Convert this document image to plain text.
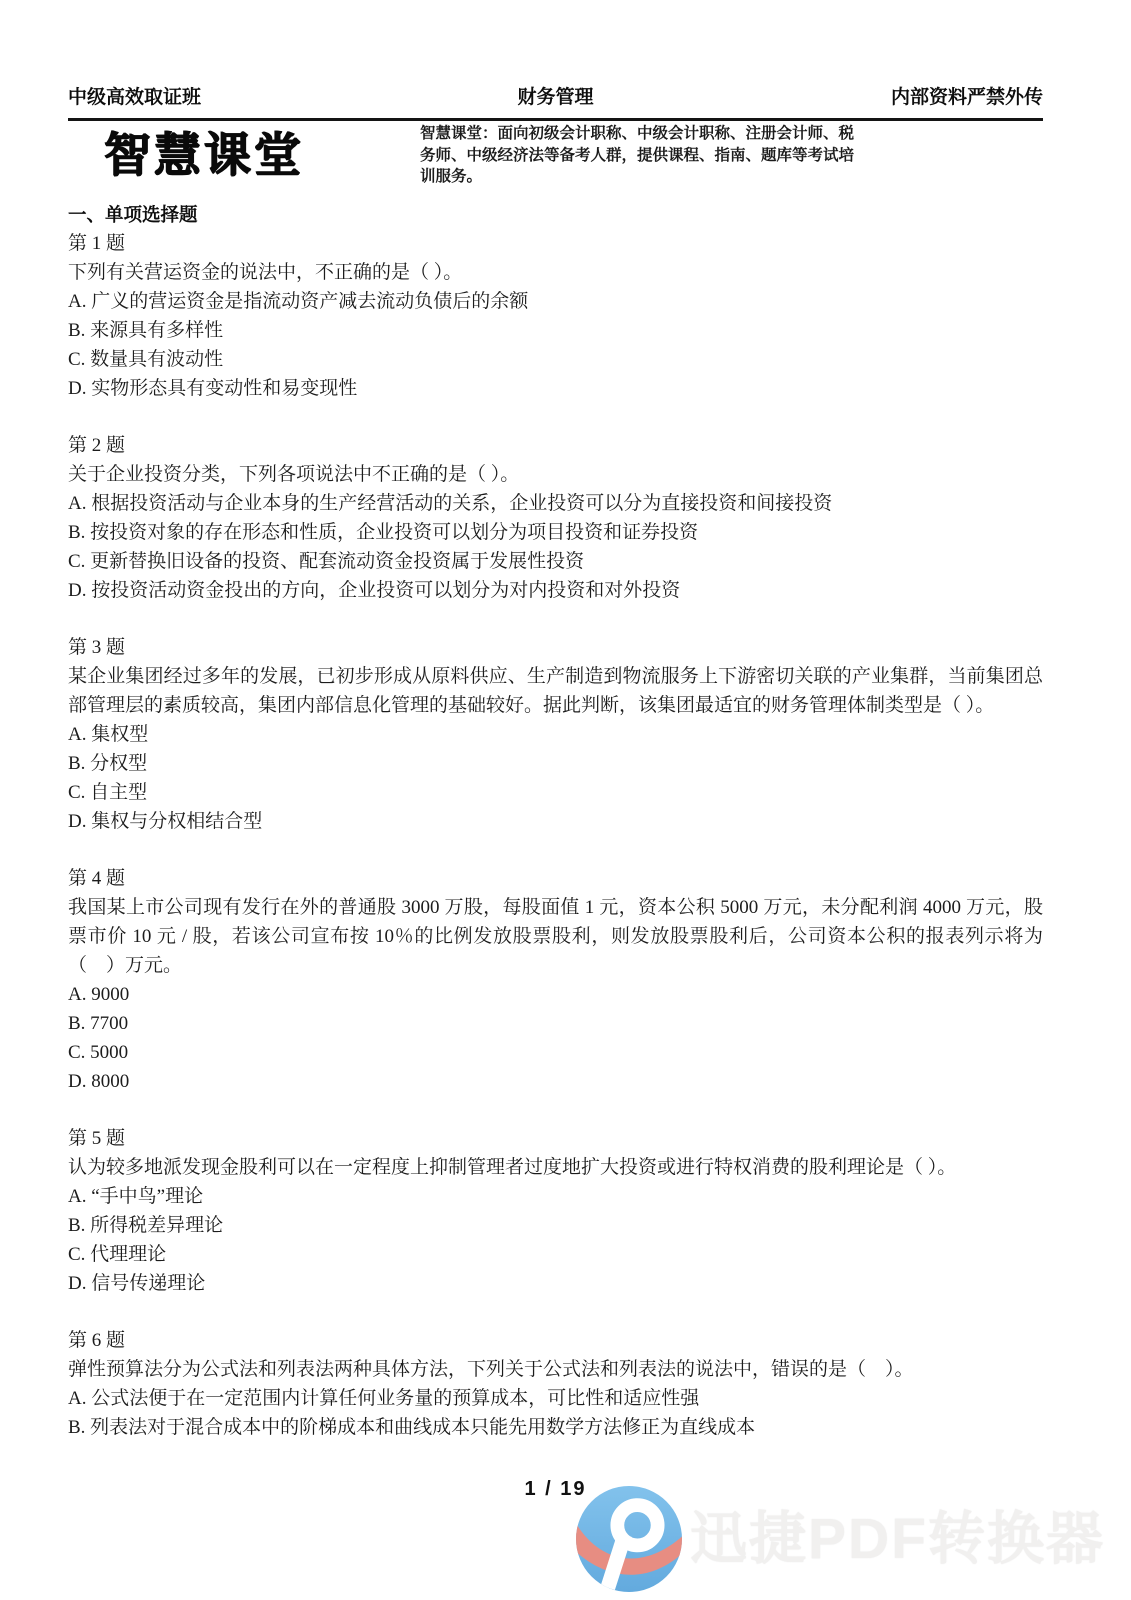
中级高效取证班	财务管理	内部资料严禁外传
智慧课堂	智慧课堂：面向初级会计职称、中级会计职称、注册会计师、税务师、中级经济法等备考人群，提供课程、指南、题库等考试培训服务。
一、单项选择题
第 1 题
下列有关营运资金的说法中，不正确的是（ ）。
A. 广义的营运资金是指流动资产减去流动负债后的余额
B. 来源具有多样性
C. 数量具有波动性
D. 实物形态具有变动性和易变现性
第 2 题
关于企业投资分类，下列各项说法中不正确的是（ ）。
A. 根据投资活动与企业本身的生产经营活动的关系，企业投资可以分为直接投资和间接投资
B. 按投资对象的存在形态和性质，企业投资可以划分为项目投资和证券投资
C. 更新替换旧设备的投资、配套流动资金投资属于发展性投资
D. 按投资活动资金投出的方向，企业投资可以划分为对内投资和对外投资
第 3 题
某企业集团经过多年的发展，已初步形成从原料供应、生产制造到物流服务上下游密切关联的产业集群，当前集团总部管理层的素质较高，集团内部信息化管理的基础较好。据此判断，该集团最适宜的财务管理体制类型是（ ）。
A. 集权型
B. 分权型
C. 自主型
D. 集权与分权相结合型
第 4 题
我国某上市公司现有发行在外的普通股 3000 万股，每股面值 1 元，资本公积 5000 万元，未分配利润 4000 万元，股票市价 10 元 / 股，若该公司宣布按 10％的比例发放股票股利，则发放股票股利后，公司资本公积的报表列示将为（　）万元。
A. 9000
B. 7700
C. 5000
D. 8000
第 5 题
认为较多地派发现金股利可以在一定程度上抑制管理者过度地扩大投资或进行特权消费的股利理论是（ ）。
A. “手中鸟”理论
B. 所得税差异理论
C. 代理理论
D. 信号传递理论
第 6 题
弹性预算法分为公式法和列表法两种具体方法，下列关于公式法和列表法的说法中，错误的是（　）。
A. 公式法便于在一定范围内计算任何业务量的预算成本，可比性和适应性强
B. 列表法对于混合成本中的阶梯成本和曲线成本只能先用数学方法修正为直线成本
1 / 19
迅捷PDF转换器
